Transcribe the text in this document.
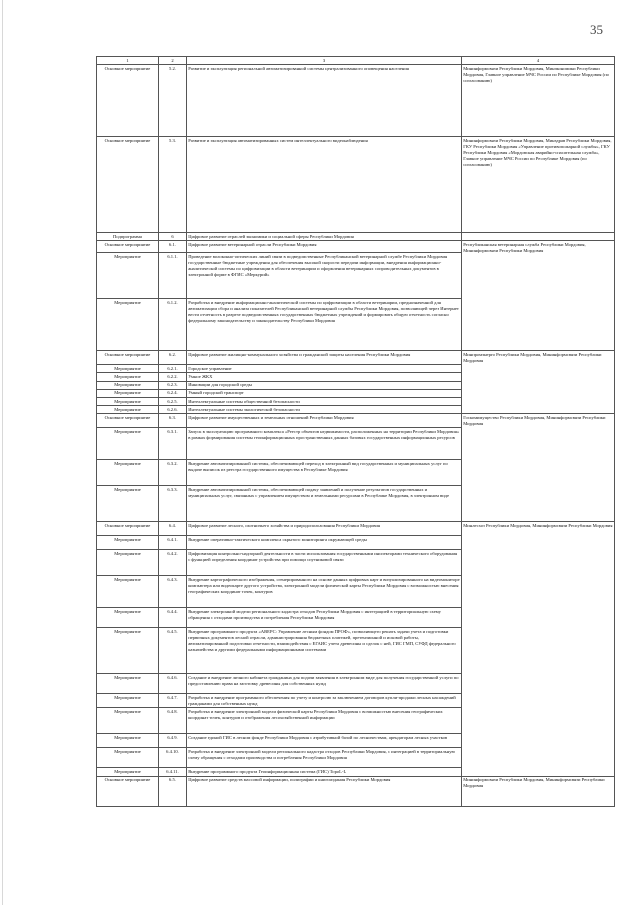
35
1	2	3	4
Основное мероприятие	5.2.	Развитие и эксплуатация региональной автоматизированной системы централизованного оповещения населения	Мининформсвязи Республики Мордовия, Минэкономики Республики Мордовия, Главное управление МЧС России по Республике Мордовия (по согласованию)
Основное мероприятие	5.3.	Развитие и эксплуатация автоматизированных систем интеллектуального видеонаблюдения	Мининформсвязи Республики Мордовия, Минздрав Республики Мордовия, ГКУ Республики Мордовия «Управление противопожарной службы», ГКУ Республики Мордовия «Мордовская аварийно-спасательная служба», Главное управление МЧС России по Республике Мордовия (по согласованию)
Подпрограмма	6	Цифровое развитие отраслей экономики и социальной сферы Республики Мордовия	
Основное мероприятие	6.1.	Цифровое развитие ветеринарной отрасли Республики Мордовия	Республиканская ветеринарная служба Республики Мордовия, Мининформсвязи Республики Мордовия
Мероприятие	6.1.1.	Проведение волоконно-оптических линий связи в подведомственные Республиканской ветеринарной службе Республики Мордовия государственные бюджетные учреждения для обеспечения высокой скорости передачи информации, внедрения информационно-аналитической системы по цифровизации в области ветеринарии и оформления ветеринарных сопроводительных документов в электронной форме в ФГИС «Меркурий»	
Мероприятие	6.1.2.	Разработка и внедрение информационно-аналитической системы по цифровизации в области ветеринарии, предназначенной для автоматизации сбора и анализа показателей Республиканской ветеринарной службы Республики Мордовия, позволяющей через Интернет вести отчетность в разрезе подведомственных государственных бюджетных учреждений и формировать общую отчетность согласно федеральному законодательству и законодательству Республики Мордовия	
Основное мероприятие	6.2.	Цифровое развитие жилищно-коммунального хозяйства и гражданской защиты населения Республики Мордовия	Минпромэнерго Республики Мордовия, Мининформсвязи Республики Мордовия
Мероприятие	6.2.1.	Городское управление	
Мероприятие	6.2.2.	Умное ЖКХ	
Мероприятие	6.2.3.	Инновации для городской среды	
Мероприятие	6.2.4.	Умный городской транспорт	
Мероприятие	6.2.5.	Интеллектуальные системы общественной безопасности	
Мероприятие	6.2.6.	Интеллектуальные системы экологической безопасности	
Основное мероприятие	6.3.	Цифровое развитие имущественных и земельных отношений Республики Мордовия	Госкомимущество Республики Мордовия, Мининформсвязи Республики Мордовия
Мероприятие	6.3.1.	Запуск в эксплуатацию программного комплекса «Реестр объектов недвижимости, расположенных на территории Республики Мордовия» в рамках формирования системы геоинформационных пространственных данных базовых государственных информационных ресурсов	
Мероприятие	6.3.2.	Внедрение автоматизированной системы, обеспечивающей переход в электронный вид государственных и муниципальных услуг по выдаче выписок из реестра государственного имущества в Республике Мордовия	
Мероприятие	6.3.3.	Внедрение автоматизированной системы, обеспечивающей подачу заявлений и получение результатов государственных и муниципальных услуг, связанных с управлением имуществом и земельными ресурсами в Республике Мордовия, в электронном виде	
Основное мероприятие	6.4.	Цифровое развитие лесного, охотничьего хозяйства и природопользования Республики Мордовия	Минлесхоз Республики Мордовия, Мининформсвязи Республики Мордовия
Мероприятие	6.4.1.	Внедрение оперативно-тактического комплекса скрытого мониторинга окружающей среды	
Мероприятие	6.4.2.	Цифровизация контрольно-надзорной деятельности в части использования государственными инспекторами технического оборудования с функцией определения координат устройства при помощи спутниковой связи	
Мероприятие	6.4.3.	Внедрение картографического изображения, сгенерированного на основе данных цифровых карт и визуализированного на видеомониторе компьютера или видеокарте другого устройства, электронной модели физической карты Республики Мордовия с возможностью внесения географических координат точек, контуров	
Мероприятие	6.4.4.	Внедрение электронной модели регионального кадастра отходов Республики Мордовия с интеграцией в территориальную схему обращения с отходами производства и потребления Республики Мордовия	
Мероприятие	6.4.5.	Внедрение программного продукта «АВЕРС: Управление лесным фондом ПРОФ», позволяющего решать задачи учета и подготовки первичных документов лесной отрасли, администрирования бюджетных платежей, претензионной и исковой работы, автоматизированной подготовки отчетности, взаимодействия с ЕГАИС учета древесины и сделок с ней, ГИС ГМП, СУФД федерального казначейства и другими федеральными информационными системами	
Мероприятие	6.4.6.	Создание и внедрение личного кабинета гражданина для подачи заявления в электронном виде для получения государственной услуги по предоставлению права на заготовку древесины для собственных нужд	
Мероприятие	6.4.7.	Разработка и внедрение программного обеспечения по учету и контролю за заключением договоров купли-продажи лесных насаждений гражданами для собственных нужд	
Мероприятие	6.4.8.	Разработка и внедрение электронной модели физической карты Республики Мордовия с возможностью внесения географических координат точек, контуров и отображения лесохозяйственной информации	
Мероприятие	6.4.9.	Создание единой ГИС в лесном фонде Республики Мордовия с атрибутивной базой по лесничествам, арендаторам лесных участков	
Мероприятие	6.4.10.	Разработка и внедрение электронной модели регионального кадастра отходов Республики Мордовия, с интеграцией в территориальную схему обращения с отходами производства и потребления Республики Мордовия	
Мероприятие	6.4.11.	Внедрение программного продукта Геоинформационная система (ГИС) TopoL-L	
Основное мероприятие	6.5.	Цифровое развитие средств массовой информации, полиграфии и книгоиздания Республики Мордовия	Мининформсвязи Республики Мордовия, Мининформсвязи Республики Мордовия
